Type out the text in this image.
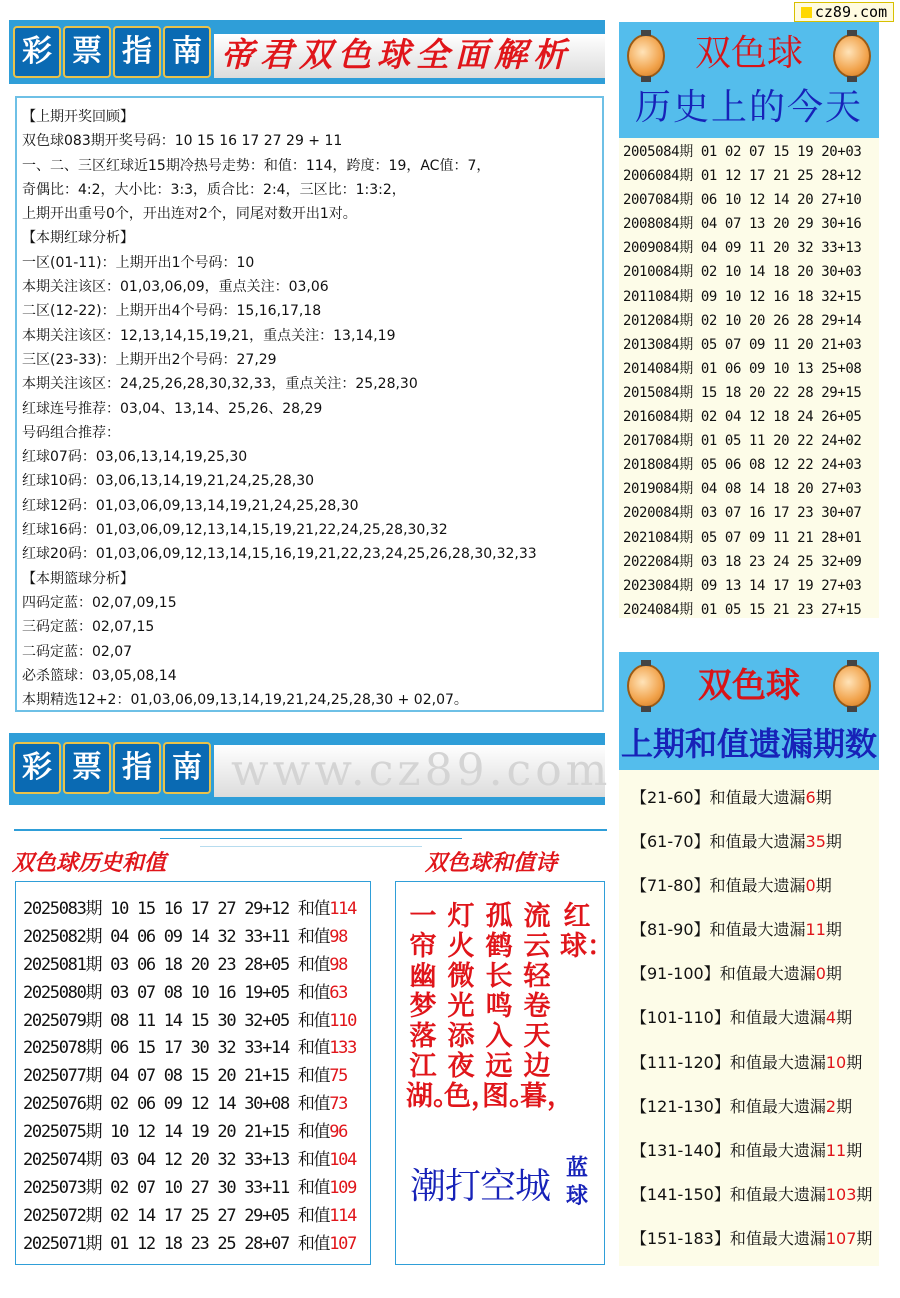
cz89.com
彩 票 指 南 帝君双色球全面解析
【上期开奖回顾】
双色球083期开奖号码：10 15 16 17 27 29 + 11
一、二、三区红球近15期冷热号走势：和值：114，跨度：19，AC值：7，
奇偶比：4:2，大小比：3:3，质合比：2:4，三区比：1:3:2，
上期开出重号0个，开出连对2个，同尾对数开出1对。
【本期红球分析】
一区(01-11)：上期开出1个号码：10
本期关注该区：01,03,06,09，重点关注：03,06
二区(12-22)：上期开出4个号码：15,16,17,18
本期关注该区：12,13,14,15,19,21，重点关注：13,14,19
三区(23-33)：上期开出2个号码：27,29
本期关注该区：24,25,26,28,30,32,33，重点关注：25,28,30
红球连号推荐：03,04、13,14、25,26、28,29
号码组合推荐：
红球07码：03,06,13,14,19,25,30
红球10码：03,06,13,14,19,21,24,25,28,30
红球12码：01,03,06,09,13,14,19,21,24,25,28,30
红球16码：01,03,06,09,12,13,14,15,19,21,22,24,25,28,30,32
红球20码：01,03,06,09,12,13,14,15,16,19,21,22,23,24,25,26,28,30,32,33
【本期篮球分析】
四码定蓝：02,07,09,15
三码定蓝：02,07,15
二码定蓝：02,07
必杀篮球：03,05,08,14
本期精选12+2：01,03,06,09,13,14,19,21,24,25,28,30 + 02,07。
彩 票 指 南 www.cz89.com
双色球
历史上的今天
2005084期 01 02 07 15 19 20+03
2006084期 01 12 17 21 25 28+12
2007084期 06 10 12 14 20 27+10
2008084期 04 07 13 20 29 30+16
2009084期 04 09 11 20 32 33+13
2010084期 02 10 14 18 20 30+03
2011084期 09 10 12 16 18 32+15
2012084期 02 10 20 26 28 29+14
2013084期 05 07 09 11 20 21+03
2014084期 01 06 09 10 13 25+08
2015084期 15 18 20 22 28 29+15
2016084期 02 04 12 18 24 26+05
2017084期 01 05 11 20 22 24+02
2018084期 05 06 08 12 22 24+03
2019084期 04 08 14 18 20 27+03
2020084期 03 07 16 17 23 30+07
2021084期 05 07 09 11 21 28+01
2022084期 03 18 23 24 25 32+09
2023084期 09 13 14 17 19 27+03
2024084期 01 05 15 21 23 27+15
双色球
上期和值遗漏期数
【21-60】和值最大遗漏6期
【61-70】和值最大遗漏35期
【71-80】和值最大遗漏0期
【81-90】和值最大遗漏11期
【91-100】和值最大遗漏0期
【101-110】和值最大遗漏4期
【111-120】和值最大遗漏10期
【121-130】和值最大遗漏2期
【131-140】和值最大遗漏11期
【141-150】和值最大遗漏103期
【151-183】和值最大遗漏107期
双色球历史和值	双色球和值诗
2025083期 10 15 16 17 27 29+12 和值114
2025082期 04 06 09 14 32 33+11 和值98
2025081期 03 06 18 20 23 28+05 和值98
2025080期 03 07 08 10 16 19+05 和值63
2025079期 08 11 14 15 30 32+05 和值110
2025078期 06 15 17 30 32 33+14 和值133
2025077期 04 07 08 15 20 21+15 和值75
2025076期 02 06 09 12 14 30+08 和值73
2025075期 10 12 14 19 20 21+15 和值96
2025074期 03 04 12 20 32 33+13 和值104
2025073期 02 07 10 27 30 33+11 和值109
2025072期 02 14 17 25 27 29+05 和值114
2025071期 01 12 18 23 25 28+07 和值107
红球：
流云轻卷天边暮，
孤鹤长鸣入远图。
灯火微光添夜色，
一帘幽梦落江湖。
潮打空城 蓝球
